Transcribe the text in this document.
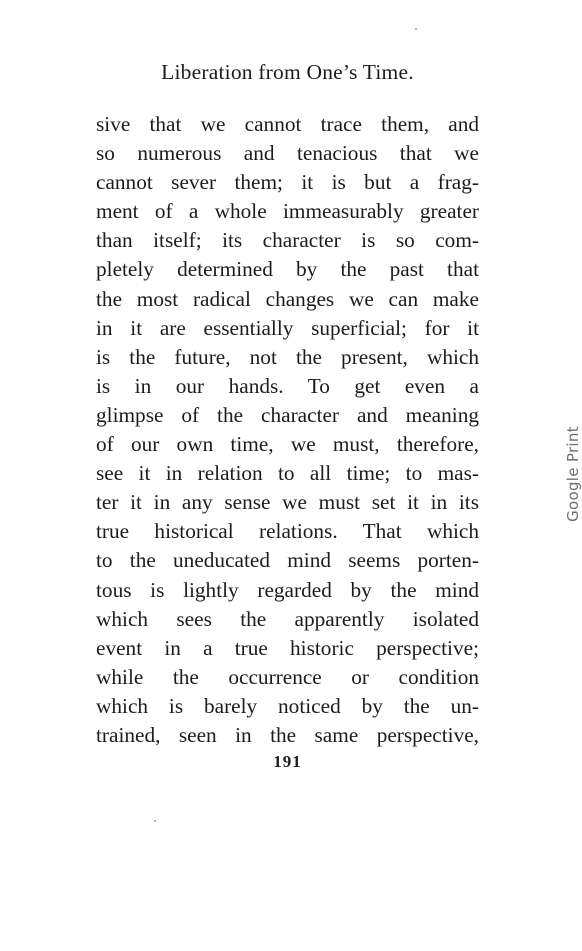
Liberation from One’s Time.
sive that we cannot trace them, and
so numerous and tenacious that we
cannot sever them; it is but a frag-
ment of a whole immeasurably greater
than itself; its character is so com-
pletely determined by the past that
the most radical changes we can make
in it are essentially superficial; for it
is the future, not the present, which
is in our hands. To get even a
glimpse of the character and meaning
of our own time, we must, therefore,
see it in relation to all time; to mas-
ter it in any sense we must set it in its
true historical relations. That which
to the uneducated mind seems porten-
tous is lightly regarded by the mind
which sees the apparently isolated
event in a true historic perspective;
while the occurrence or condition
which is barely noticed by the un-
trained, seen in the same perspective,
191
Google Print
